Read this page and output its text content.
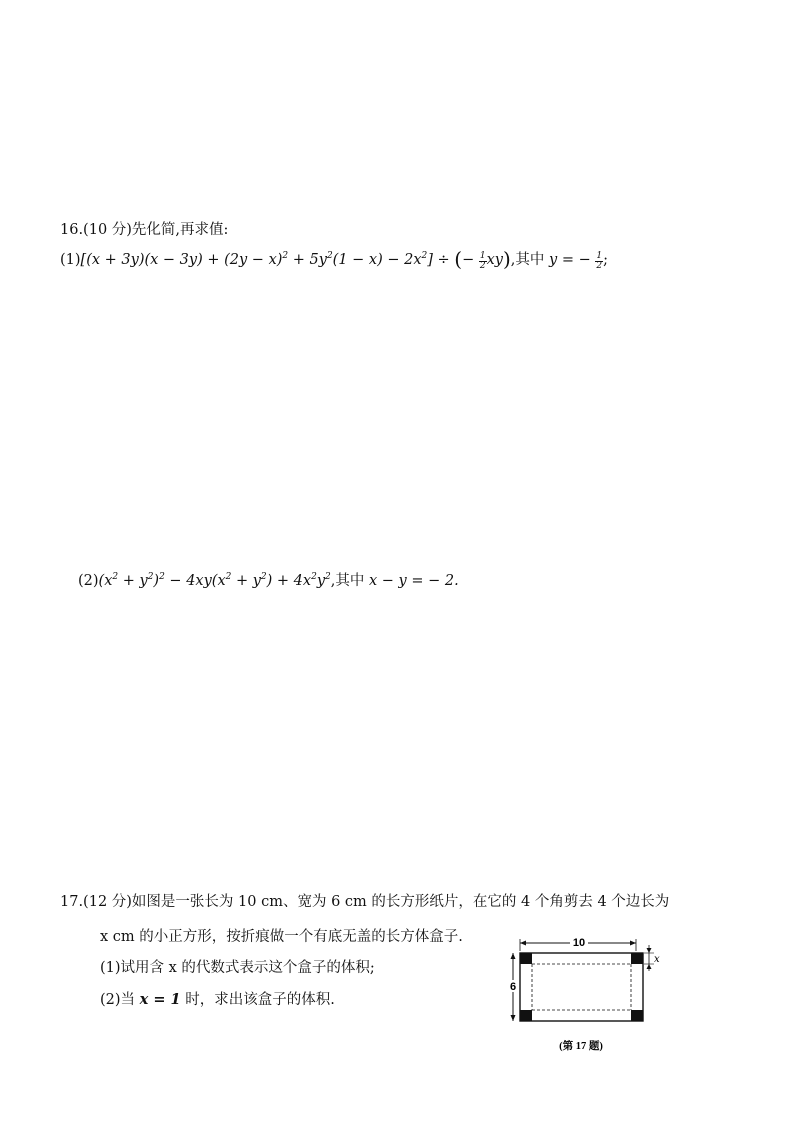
16.(10 分)先化简,再求值:
$(1)[(x + 3y)(x - 3y) + (2y - x)^2 + 5y^2(1 - x) - 2x^2]$ ÷ (− $\frac{1}{2} xy$),其中 y = − $\frac{1}{2}$ ;
$(2)(x^2 + y^2)^2 - 4xy(x^2 + y^2) + 4x^2y^2$,其中 x − y = − 2.
17.(12 分)如图是一张长为 10 cm、宽为 6 cm 的长方形纸片，在它的 4 个角剪去 4 个边长为
x cm 的小正方形，按折痕做一个有底无盖的长方体盒子.
(1)试用含 x 的代数式表示这个盒子的体积;
(2)当 x = 1 时，求出该盒子的体积.
10
6
x
(第 17 题)
